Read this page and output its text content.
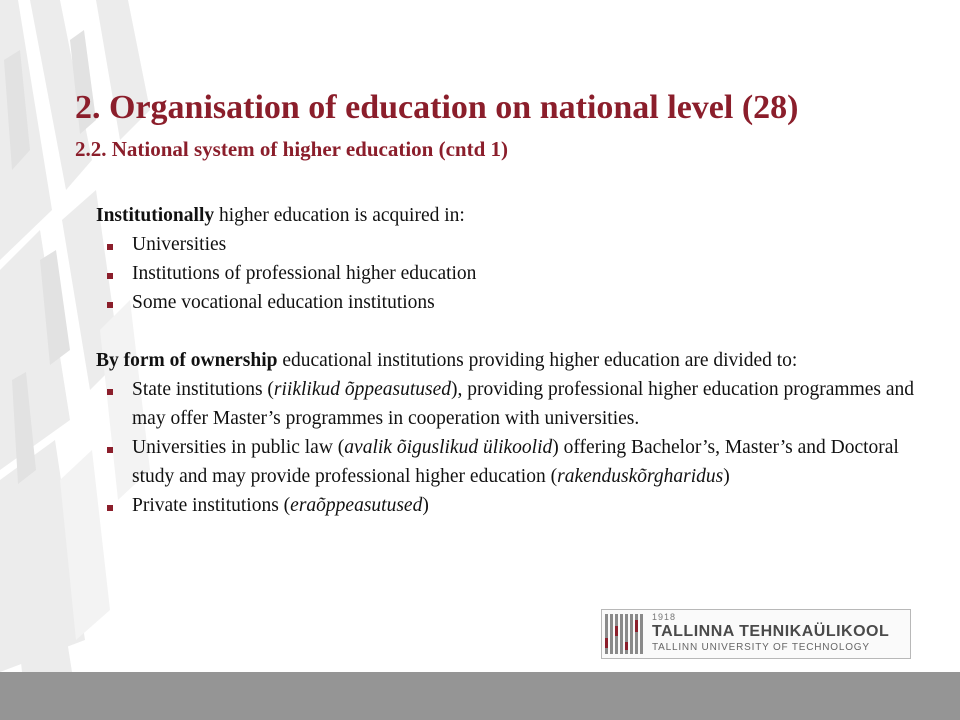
2. Organisation of education on national level (28)
2.2. National system of higher education (cntd 1)

Institutionally higher education is acquired in:

Universities
Institutions of professional higher education
Some vocational education institutions

By form of ownership educational institutions providing higher education are divided to:

State institutions (riiklikud õppeasutused), providing professional higher education programmes and may offer Master’s programmes in cooperation with universities.
Universities in public law (avalik õiguslikud ülikoolid) offering Bachelor’s, Master’s and Doctoral study and may provide professional higher education (rakenduskõrgharidus)
Private institutions (eraõppeasutused)
1918
TALLINNA TEHNIKAÜLIKOOL
TALLINN UNIVERSITY OF TECHNOLOGY
